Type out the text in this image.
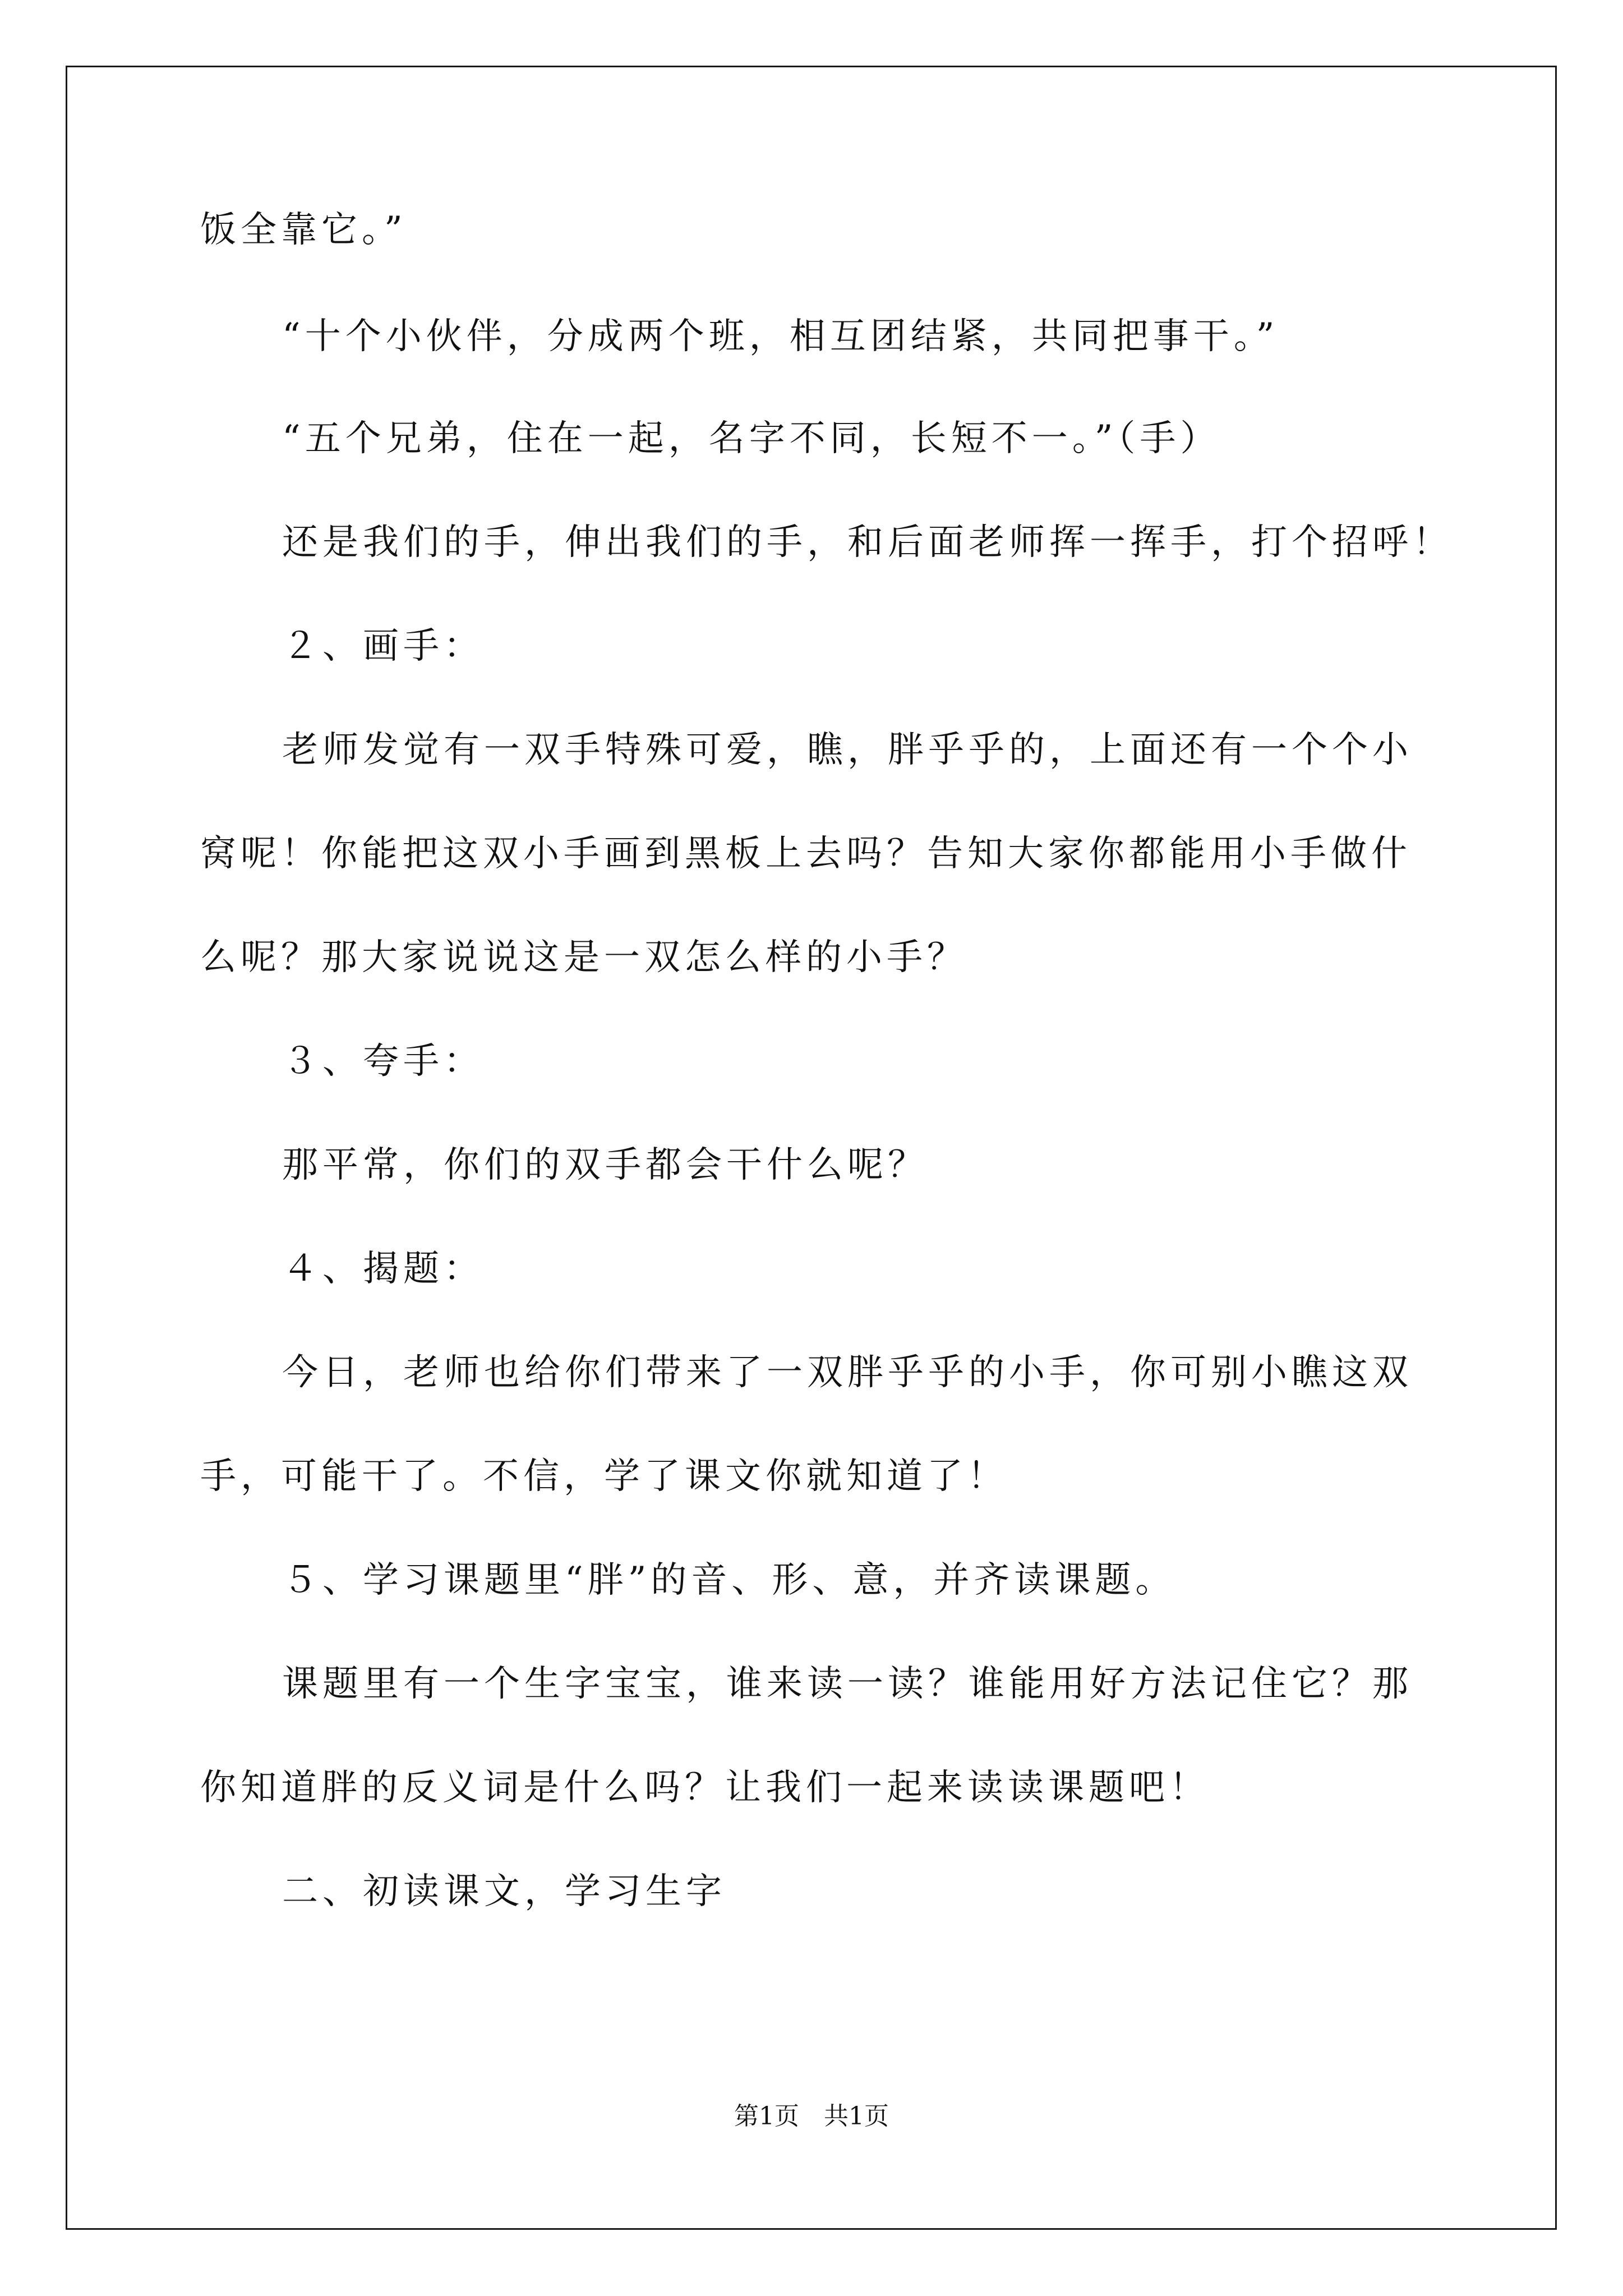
饭全靠它。”
“十个小伙伴，分成两个班，相互团结紧，共同把事干。”
“五个兄弟，住在一起，名字不同，长短不一。”（手）
还是我们的手，伸出我们的手，和后面老师挥一挥手，打个招呼！
２、画手：
老师发觉有一双手特殊可爱，瞧，胖乎乎的，上面还有一个个小
窝呢！你能把这双小手画到黑板上去吗？告知大家你都能用小手做什
么呢？那大家说说这是一双怎么样的小手？
３、夸手：
那平常，你们的双手都会干什么呢？
４、揭题：
今日，老师也给你们带来了一双胖乎乎的小手，你可别小瞧这双
手，可能干了。不信，学了课文你就知道了！
５、学习课题里“胖”的音、形、意，并齐读课题。
课题里有一个生字宝宝，谁来读一读？谁能用好方法记住它？那
你知道胖的反义词是什么吗？让我们一起来读读课题吧！
二、初读课文，学习生字
第1页　共1页
